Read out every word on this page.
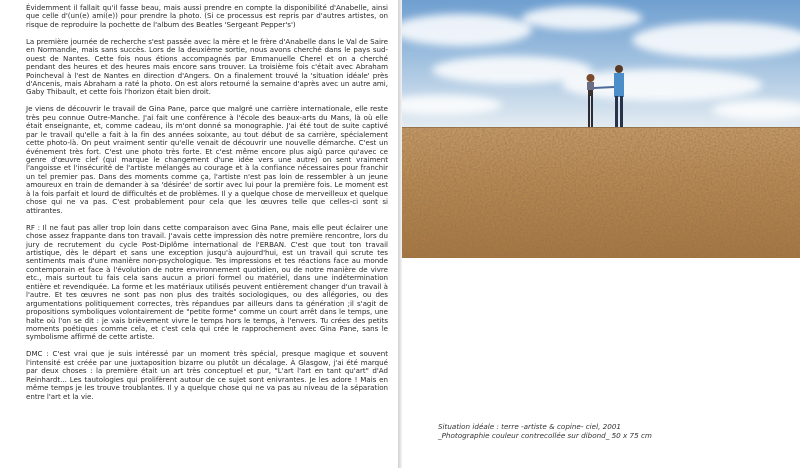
Évidemment il fallait qu'il fasse beau, mais aussi prendre en compte la disponibilité d'Anabelle, ainsi que celle d'(un(e) ami(e)) pour prendre la photo. (Si ce processus est repris par d'autres artistes, on risque de reproduire la pochette de l'album des Beatles 'Sergeant Pepper's')

La première journée de recherche s'est passée avec la mère et le frère d'Anabelle dans le Val de Saire en Normandie, mais sans succès. Lors de la deuxième sortie, nous avons cherché dans le pays sud-ouest de Nantes. Cette fois nous étions accompagnés par Emmanuelle Cherel et on a cherché pendant des heures et des heures mais encore sans trouver. La troisième fois c'était avec Abraham Poincheval à l'est de Nantes en direction d'Angers. On a finalement trouvé la 'situation idéale' près d'Ancenis, mais Abraham a raté la photo. On est alors retourné la semaine d'après avec un autre ami, Gaby Thibault, et cette fois l'horizon était bien droit.

Je viens de découvrir le travail de Gina Pane, parce que malgré une carrière internationale, elle reste très peu connue Outre-Manche. J'ai fait une conférence à l'école des beaux-arts du Mans, là où elle était enseignante, et, comme cadeau, ils m'ont donné sa monographie. J'ai été tout de suite captivé par le travail qu'elle a fait à la fin des années soixante, au tout début de sa carrière, spécialement cette photo-là. On peut vraiment sentir qu'elle venait de découvrir une nouvelle démarche. C'est un événement très fort. C'est une photo très forte. Et c'est même encore plus aigü parce qu'avec ce genre d'œuvre clef (qui marque le changement d'une idée vers une autre) on sent vraiment l'angoisse et l'insécurité de l'artiste mélangés au courage et à la confiance nécessaires pour franchir un tel premier pas. Dans des moments comme ça, l'artiste n'est pas loin de ressembler à un jeune amoureux en train de demander à sa 'désirée' de sortir avec lui pour la première fois. Le moment est à la fois parfait et lourd de difficultés et de problèmes. Il y a quelque chose de merveilleux et quelque chose qui ne va pas. C'est probablement pour cela que les œuvres telle que celles-ci sont si attirantes.

RF : Il ne faut pas aller trop loin dans cette comparaison avec Gina Pane, mais elle peut éclairer une chose assez frappante dans ton travail. J'avais cette impression dès notre première rencontre, lors du jury de recrutement du cycle Post-Diplôme international de l'ERBAN. C'est que tout ton travail artistique, dès le départ et sans une exception jusqu'à aujourd'hui, est un travail qui scrute tes sentiments mais d'une manière non-psychologique. Tes impressions et tes réactions face au monde contemporain et face à l'évolution de notre environnement quotidien, ou de notre manière de vivre etc., mais surtout tu fais cela sans aucun a priori formel ou matériel, dans une indétermination entière et revendiquée. La forme et les matériaux utilisés peuvent entièrement changer d'un travail à l'autre. Et tes œuvres ne sont pas non plus des traités sociologiques, ou des allégories, ou des argumentations politiquement correctes, très répandues par ailleurs dans ta génération ;il s'agit de propositions symboliques volontairement de "petite forme" comme un court arrêt dans le temps, une halte où l'on se dit : je vais brièvement vivre le temps hors le temps, à l'envers. Tu crées des petits moments poétiques comme cela, et c'est cela qui crée le rapprochement avec Gina Pane, sans le symbolisme affirmé de cette artiste.

DMC : C'est vrai que je suis intéressé par un moment très spécial, presque magique et souvent l'intensité est créée par une juxtaposition bizarre ou plutôt un décalage. À Glasgow, j'ai été marqué par deux choses : la première était un art très conceptuel et pur, "L'art l'art en tant qu'art" d'Ad Reinhardt... Les tautologies qui prolifèrent autour de ce sujet sont enivrantes. Je les adore ! Mais en même temps je les trouve troublantes. Il y a quelque chose qui ne va pas au niveau de la séparation entre l'art et la vie.

Situation idéale : terre -artiste & copine- ciel, 2001
_Photographie couleur contrecollée sur dibond_ 50 x 75 cm
